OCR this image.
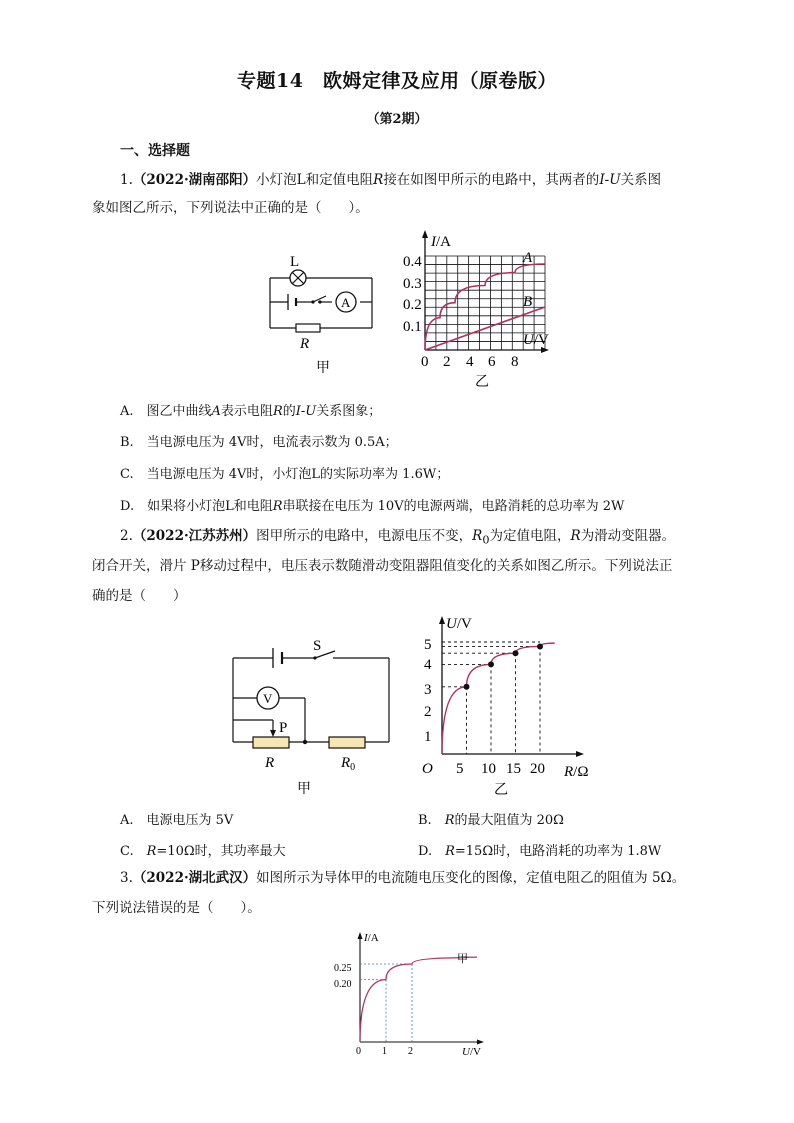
专题14　欧姆定律及应用（原卷版）
（第2期）
一、选择题
1.（2022·湖南邵阳）小灯泡L和定值电阻R接在如图甲所示的电路中，其两者的I-U关系图
象如图乙所示，下列说法中正确的是（　　）。
L
A
R
甲
I/A
U/V
0.4
0.3
0.2
0.1
0 2 4 6 8
A
B
乙
A.　图乙中曲线A表示电阻R的I-U关系图象；
B.　当电源电压为 4V时，电流表示数为 0.5A；
C.　当电源电压为 4V时，小灯泡L的实际功率为 1.6W；
D.　如果将小灯泡L和电阻R串联接在电压为 10V的电源两端，电路消耗的总功率为 2W
2.（2022·江苏苏州）图甲所示的电路中，电源电压不变，$R_0$为定值电阻，R为滑动变阻器。
闭合开关，滑片 P移动过程中，电压表示数随滑动变阻器阻值变化的关系如图乙所示。下列说法正
确的是（　　）
S
V
P
R	$R_0$
甲
U/V
R/Ω
O
5
4
3
2
1
5 10 15 20
乙
A.　电源电压为 5V	B.　R的最大阻值为 20Ω
C.　R=10Ω时，其功率最大	D.　R=15Ω时，电路消耗的功率为 1.8W
3.（2022·湖北武汉）如图所示为导体甲的电流随电压变化的图像，定值电阻乙的阻值为 5Ω。
下列说法错误的是（　　）。
I/A
U/V
0.25
0.20
0 1 2
甲
